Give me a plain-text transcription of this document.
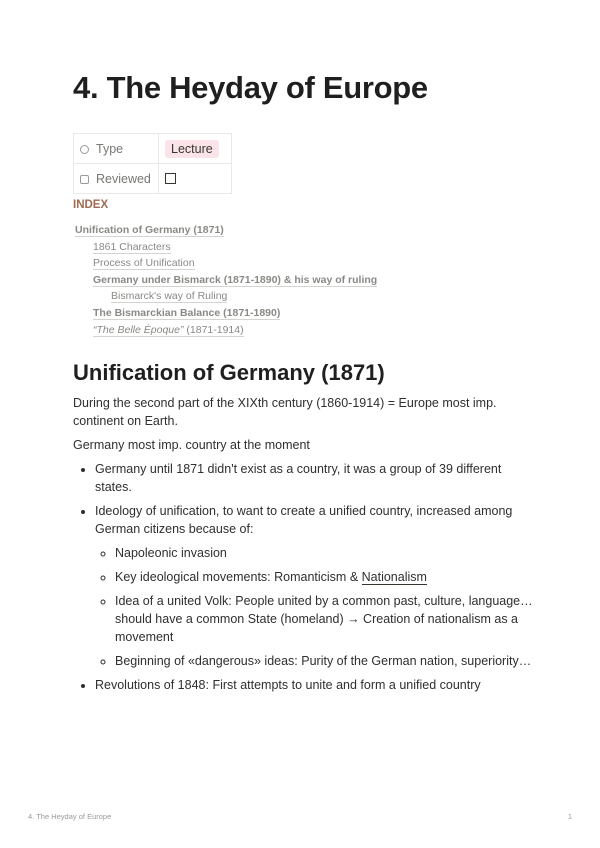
4. The Heyday of Europe
Type	Lecture
Reviewed	
INDEX
Unification of Germany (1871)
1861 Characters
Process of Unification
Germany under Bismarck (1871-1890) & his way of ruling
Bismarck's way of Ruling
The Bismarckian Balance (1871-1890)
“The Belle Époque” (1871-1914)
Unification of Germany (1871)

During the second part of the XIXth century (1860-1914) = Europe most imp. continent on Earth.

Germany most imp. country at the moment

• Germany until 1871 didn't exist as a country, it was a group of 39 different states.
• Ideology of unification, to want to create a unified country, increased among German citizens because of:
◦ Napoleonic invasion
◦ Key ideological movements: Romanticism & Nationalism
◦ Idea of a united Volk: People united by a common past, culture, language… should have a common State (homeland) → Creation of nationalism as a movement
◦ Beginning of «dangerous» ideas: Purity of the German nation, superiority…
• Revolutions of 1848: First attempts to unite and form a unified country
4. The Heyday of Europe	1
